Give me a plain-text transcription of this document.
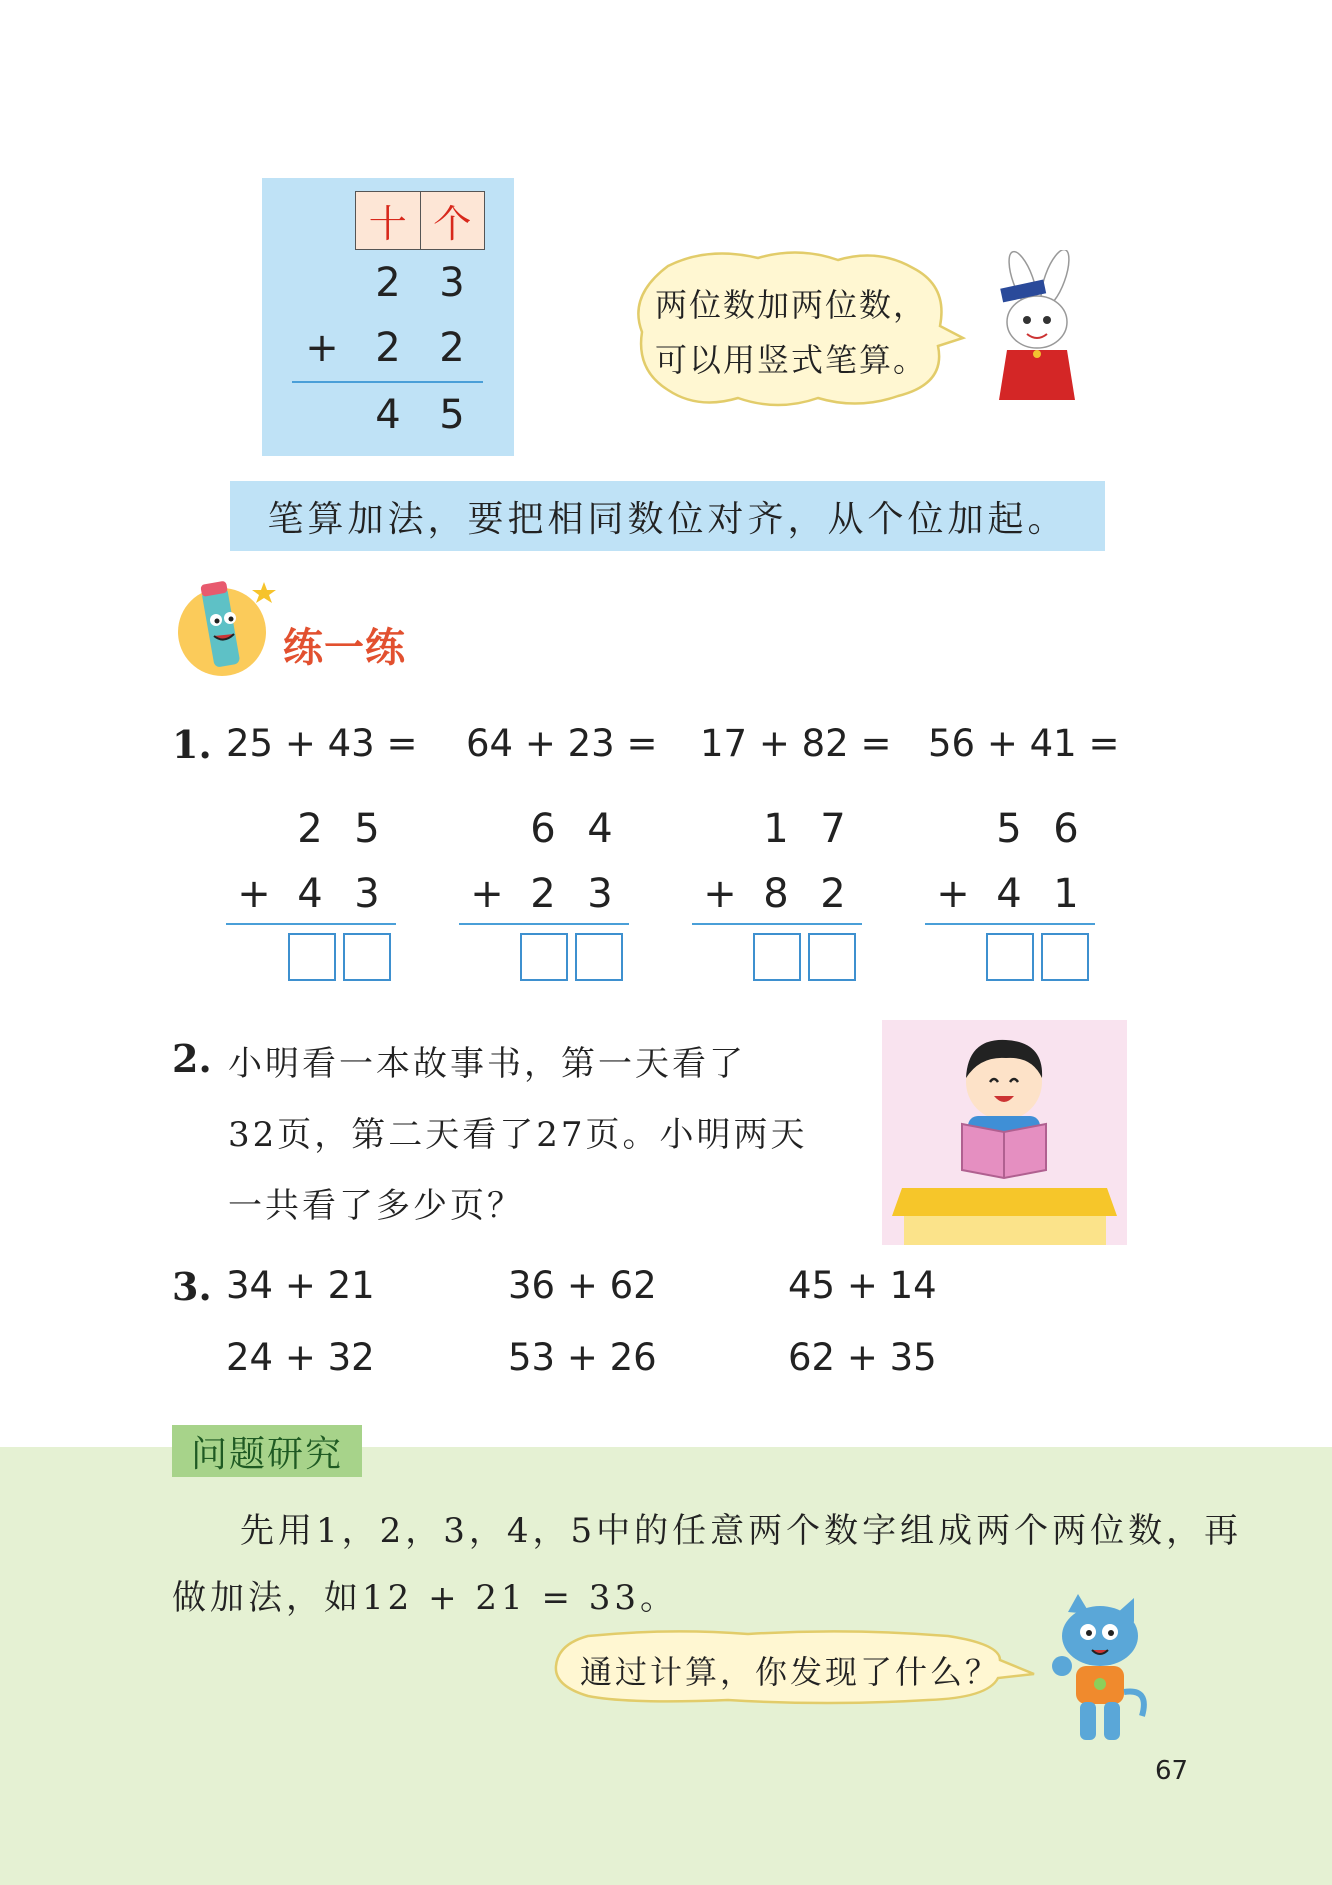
十 个
2 3
+ 2 2
4 5
两位数加两位数，
可以用竖式笔算。
笔算加法，要把相同数位对齐，从个位加起。
练一练
1. 25 + 43 = 64 + 23 = 17 + 82 = 56 + 41 =
2 5
+ 4 3
6 4
+ 2 3
1 7
+ 8 2
5 6
+ 4 1
2. 小明看一本故事书，第一天看了
32页，第二天看了27页。小明两天
一共看了多少页？
3. 34 + 21	36 + 62	45 + 14
24 + 32	53 + 26	62 + 35
问题研究
先用1，2，3，4，5中的任意两个数字组成两个两位数，再
做加法，如12 + 21 = 33。
通过计算，你发现了什么？
67
